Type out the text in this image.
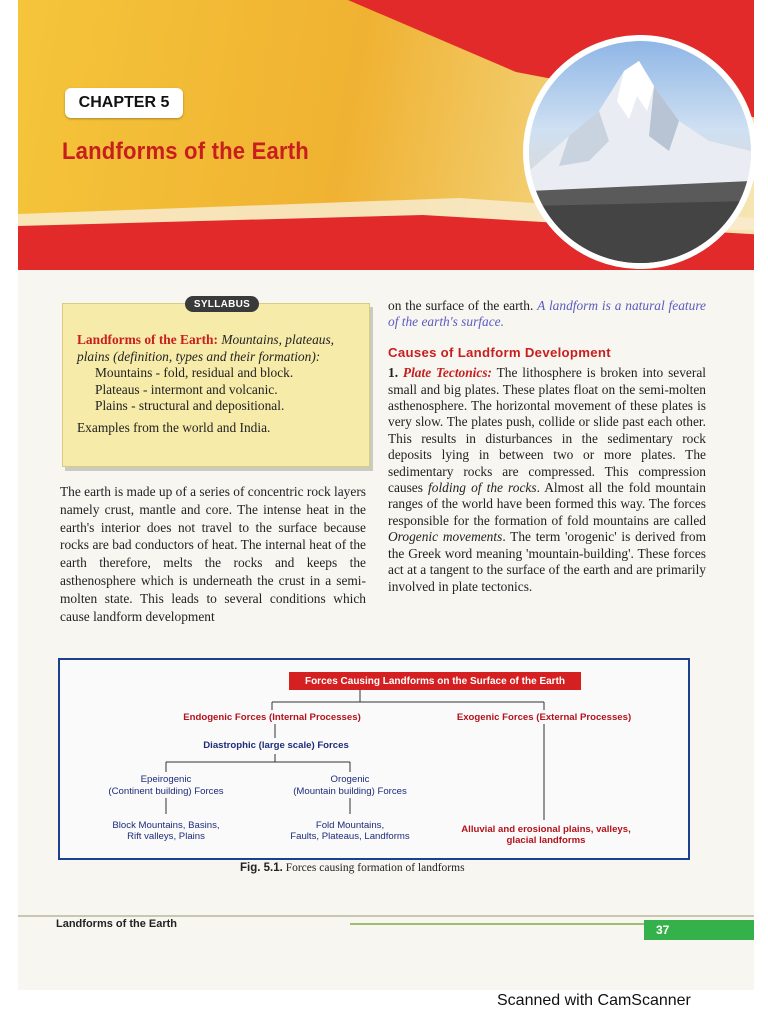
CHAPTER 5
Landforms of the Earth
SYLLABUS
Landforms of the Earth: Mountains, plateaus, plains (definition, types and their formation):
Mountains - fold, residual and block.
Plateaus - intermont and volcanic.
Plains - structural and depositional.
Examples from the world and India.
The earth is made up of a series of concentric rock layers namely crust, mantle and core. The intense heat in the earth's interior does not travel to the surface because rocks are bad conductors of heat. The internal heat of the earth therefore, melts the rocks and keeps the asthenosphere which is underneath the crust in a semi-molten state. This leads to several conditions which cause landform development

on the surface of the earth. A landform is a natural feature of the earth's surface.

Causes of Landform Development

1. Plate Tectonics: The lithosphere is broken into several small and big plates. These plates float on the semi-molten asthenosphere. The horizontal movement of these plates is very slow. The plates push, collide or slide past each other. This results in disturbances in the sedimentary rock deposits lying in between two or more plates. The sedimentary rocks are compressed. This compression causes folding of the rocks. Almost all the fold mountain ranges of the world have been formed this way. The forces responsible for the formation of fold mountains are called Orogenic movements. The term 'orogenic' is derived from the Greek word meaning 'mountain-building'. These forces act at a tangent to the surface of the earth and are primarily involved in plate tectonics.

Forces Causing Landforms on the Surface of the Earth
Endogenic Forces (Internal Processes)	Exogenic Forces (External Processes)
Diastrophic (large scale) Forces
Epeirogenic
(Continent building) Forces
Orogenic
(Mountain building) Forces
Block Mountains, Basins,
Rift valleys, Plains
Fold Mountains,
Faults, Plateaus, Landforms
Alluvial and erosional plains, valleys,
glacial landforms
Fig. 5.1. Forces causing formation of landforms
Landforms of the Earth	37
Scanned with CamScanner
